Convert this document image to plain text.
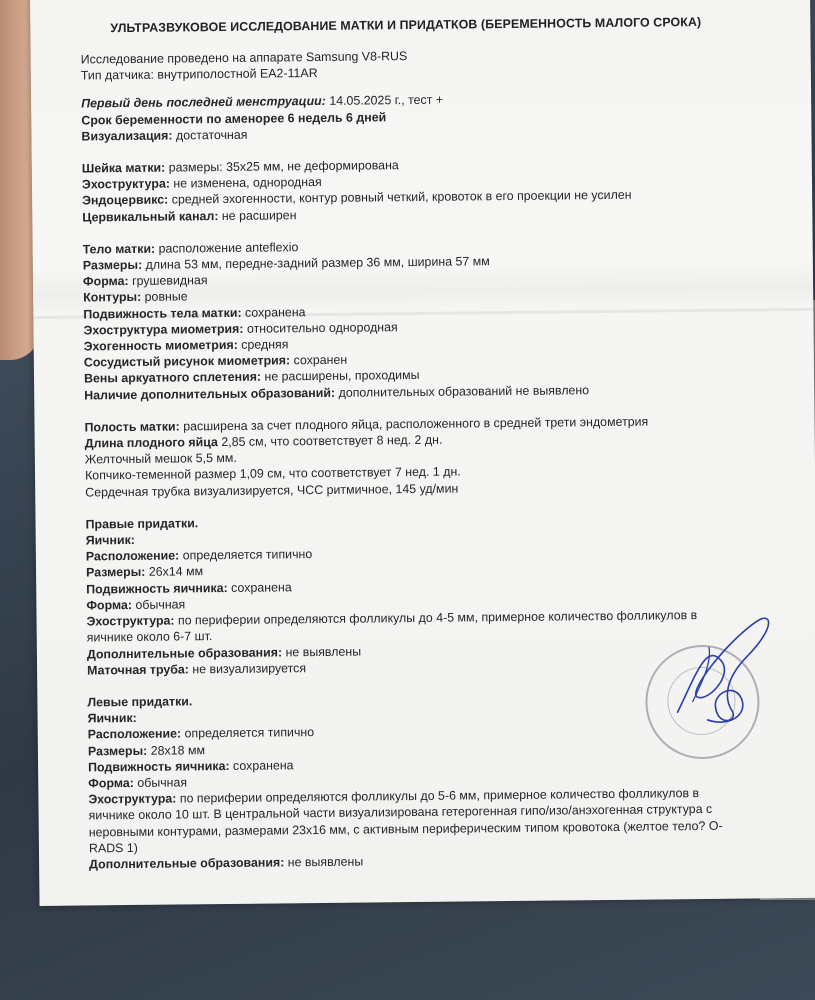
УЛЬТРАЗВУКОВОЕ ИССЛЕДОВАНИЕ МАТКИ И ПРИДАТКОВ (БЕРЕМЕННОСТЬ МАЛОГО СРОКА)
Исследование проведено на аппарате Samsung V8-RUS
Тип датчика: внутриполостной EA2-11AR
Первый день последней менструации: 14.05.2025 г., тест +
Срок беременности по аменорее 6 недель 6 дней
Визуализация: достаточная
Шейка матки: размеры: 35x25 мм, не деформирована
Эхоструктура: не изменена, однородная
Эндоцервикс: средней эхогенности, контур ровный четкий, кровоток в его проекции не усилен
Цервикальный канал: не расширен
Тело матки: расположение anteflexio
Размеры: длина 53 мм, передне-задний размер 36 мм, ширина 57 мм
Форма: грушевидная
Контуры: ровные
Подвижность тела матки: сохранена
Эхоструктура миометрия: относительно однородная
Эхогенность миометрия: средняя
Сосудистый рисунок миометрия: сохранен
Вены аркуатного сплетения: не расширены, проходимы
Наличие дополнительных образований: дополнительных образований не выявлено
Полость матки: расширена за счет плодного яйца, расположенного в средней трети эндометрия
Длина плодного яйца 2,85 см, что соответствует 8 нед. 2 дн.
Желточный мешок 5,5 мм.
Копчико-теменной размер 1,09 см, что соответствует 7 нед. 1 дн.
Сердечная трубка визуализируется, ЧСС ритмичное, 145 уд/мин
Правые придатки.
Яичник:
Расположение: определяется типично
Размеры: 26x14 мм
Подвижность яичника: сохранена
Форма: обычная
Эхоструктура: по периферии определяются фолликулы до 4-5 мм, примерное количество фолликулов в
яичнике около 6-7 шт.
Дополнительные образования: не выявлены
Маточная труба: не визуализируется
Левые придатки.
Яичник:
Расположение: определяется типично
Размеры: 28x18 мм
Подвижность яичника: сохранена
Форма: обычная
Эхоструктура: по периферии определяются фолликулы до 5-6 мм, примерное количество фолликулов в
яичнике около 10 шт. В центральной части визуализирована гетерогенная гипо/изо/анэхогенная структура с
неровными контурами, размерами 23x16 мм, с активным периферическим типом кровотока (желтое тело? O-
RADS 1)
Дополнительные образования: не выявлены
